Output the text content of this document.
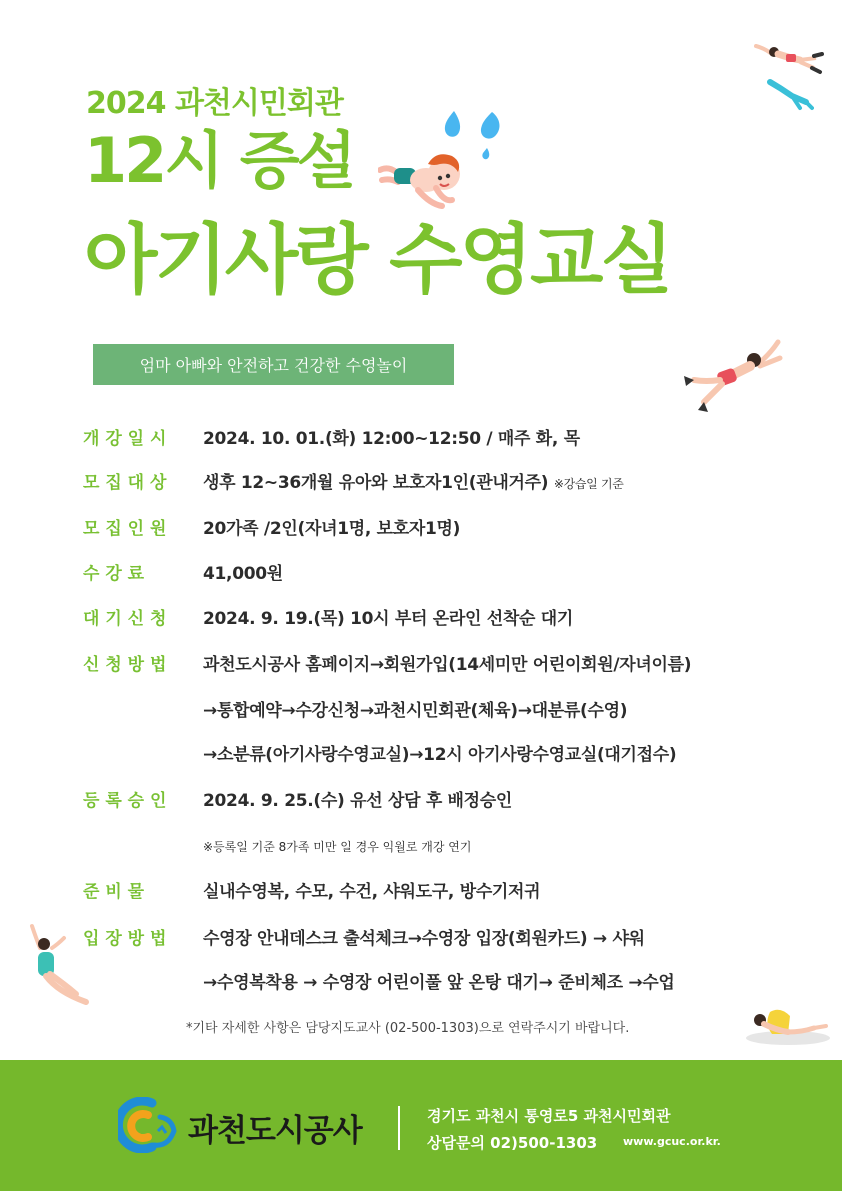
2024 과천시민회관
12시 증설
아기사랑 수영교실
엄마 아빠와 안전하고 건강한 수영놀이
개 강 일 시 2024. 10. 01.(화) 12:00~12:50 / 매주 화, 목
모 집 대 상 생후 12~36개월 유아와 보호자1인(관내거주) ※강습일 기준
모 집 인 원 20가족 /2인(자녀1명, 보호자1명)
수 강 료	41,000원
대 기 신 청 2024. 9. 19.(목) 10시 부터 온라인 선착순 대기
신 청 방 법 과천도시공사 홈페이지→회원가입(14세미만 어린이회원/자녀이름)
→통합예약→수강신청→과천시민회관(체육)→대분류(수영)
→소분류(아기사랑수영교실)→12시 아기사랑수영교실(대기접수)
등 록 승 인 2024. 9. 25.(수) 유선 상담 후 배정승인
※등록일 기준 8가족 미만 일 경우 익월로 개강 연기
준 비 물	실내수영복, 수모, 수건, 샤워도구, 방수기저귀
입 장 방 법 수영장 안내데스크 출석체크→수영장 입장(회원카드) → 샤워
→수영복착용 → 수영장 어린이풀 앞 온탕 대기→ 준비체조 →수업
*기타 자세한 사항은 담당지도교사 (02-500-1303)으로 연락주시기 바랍니다.
과천도시공사	경기도 과천시 통영로5 과천시민회관
상담문의 02)500-1303 www.gcuc.or.kr.
